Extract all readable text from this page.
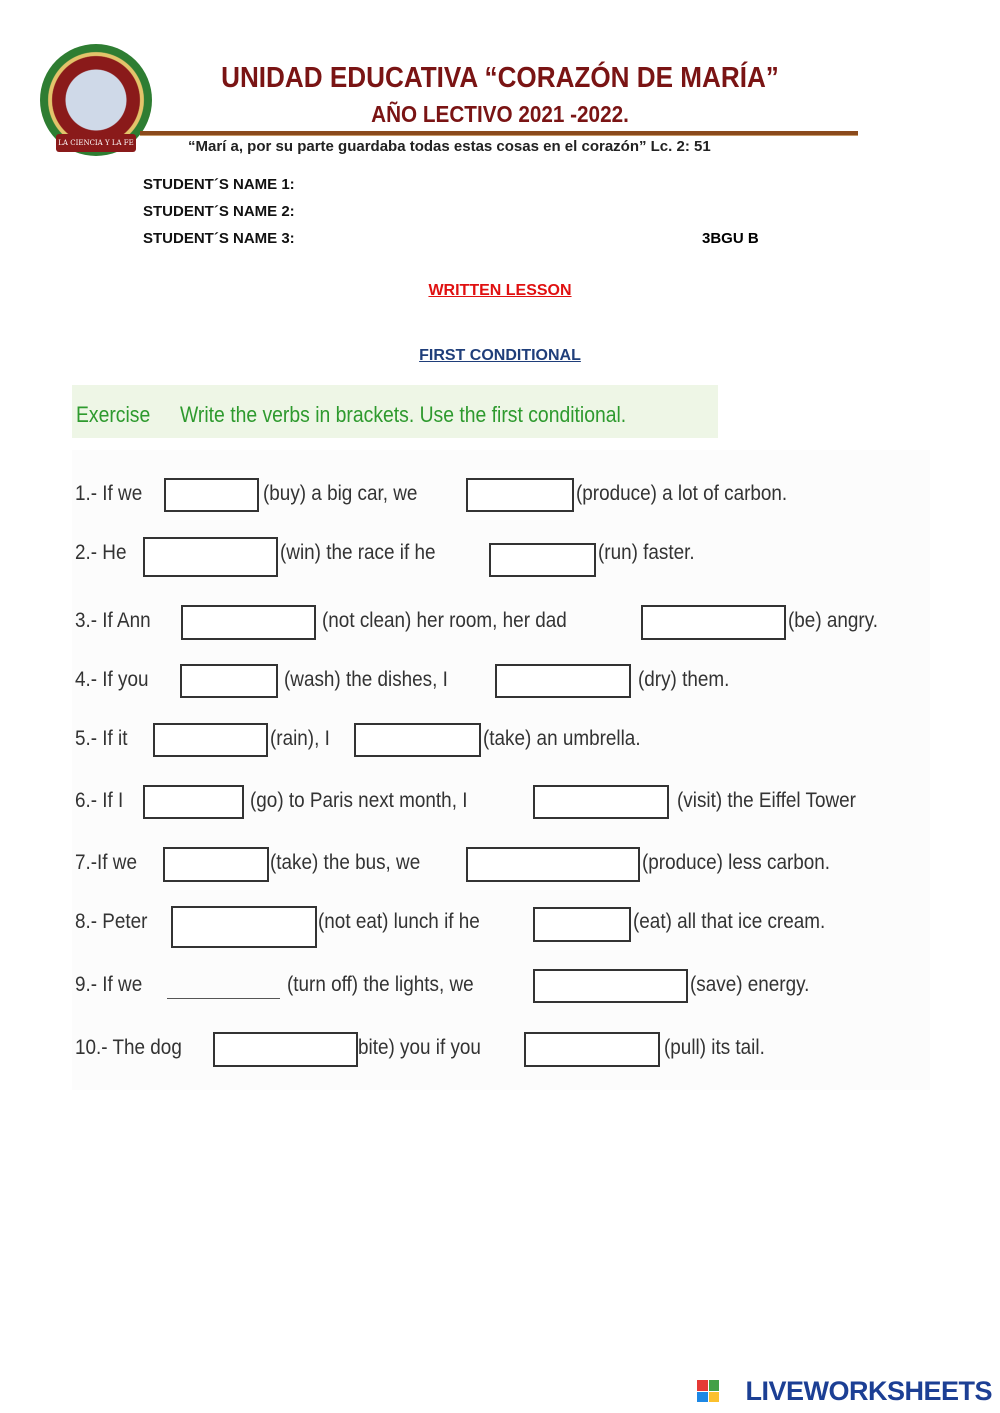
LA CIENCIA Y LA FE
UNIDAD EDUCATIVA “CORAZÓN DE MARÍA”
AÑO LECTIVO 2021 -2022.
“Marí a, por su parte guardaba todas estas cosas en el corazón” Lc. 2: 51
STUDENT´S NAME 1:
STUDENT´S NAME 2:
STUDENT´S NAME 3:	3BGU B
WRITTEN LESSON
FIRST CONDITIONAL
Exercise Write the verbs in brackets. Use the first conditional.
1.- If we	(buy) a big car, we	(produce) a lot of carbon.
2.- He	(win) the race if he	(run) faster.
3.- If Ann	(not clean) her room, her dad	(be) angry.
4.- If you	(wash) the dishes, I	(dry) them.
5.- If it	(rain), I	(take) an umbrella.
6.- If I	(go) to Paris next month, I	(visit) the Eiffel Tower
7.-If we	(take) the bus, we	(produce) less carbon.
8.- Peter	(not eat) lunch if he	(eat) all that ice cream.
9.- If we	(turn off) the lights, we	(save) energy.
10.- The dog	bite) you if you	(pull) its tail.
LIVEWORKSHEETS
